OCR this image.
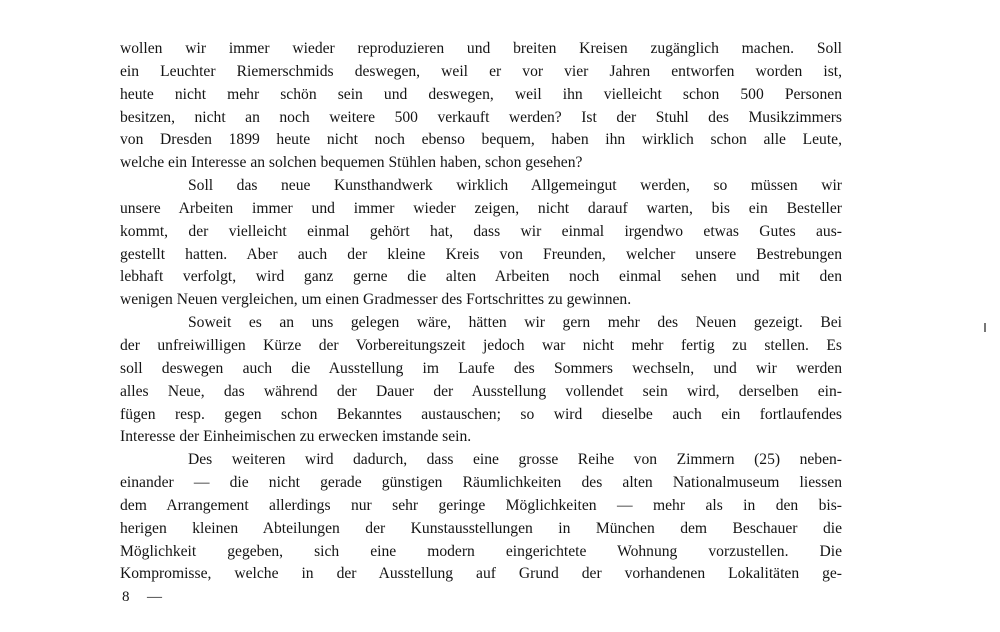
wollen wir immer wieder reproduzieren und breiten Kreisen zugänglich machen. Soll
ein Leuchter Riemerschmids deswegen, weil er vor vier Jahren entworfen worden ist,
heute nicht mehr schön sein und deswegen, weil ihn vielleicht schon 500 Personen
besitzen, nicht an noch weitere 500 verkauft werden? Ist der Stuhl des Musikzimmers
von Dresden 1899 heute nicht noch ebenso bequem, haben ihn wirklich schon alle Leute,
welche ein Interesse an solchen bequemen Stühlen haben, schon gesehen?
Soll das neue Kunsthandwerk wirklich Allgemeingut werden, so müssen wir
unsere Arbeiten immer und immer wieder zeigen, nicht darauf warten, bis ein Besteller
kommt, der vielleicht einmal gehört hat, dass wir einmal irgendwo etwas Gutes aus-
gestellt hatten. Aber auch der kleine Kreis von Freunden, welcher unsere Bestrebungen
lebhaft verfolgt, wird ganz gerne die alten Arbeiten noch einmal sehen und mit den
wenigen Neuen vergleichen, um einen Gradmesser des Fortschrittes zu gewinnen.
Soweit es an uns gelegen wäre, hätten wir gern mehr des Neuen gezeigt. Bei
der unfreiwilligen Kürze der Vorbereitungszeit jedoch war nicht mehr fertig zu stellen. Es
soll deswegen auch die Ausstellung im Laufe des Sommers wechseln, und wir werden
alles Neue, das während der Dauer der Ausstellung vollendet sein wird, derselben ein-
fügen resp. gegen schon Bekanntes austauschen; so wird dieselbe auch ein fortlaufendes
Interesse der Einheimischen zu erwecken imstande sein.
Des weiteren wird dadurch, dass eine grosse Reihe von Zimmern (25) neben-
einander — die nicht gerade günstigen Räumlichkeiten des alten Nationalmuseum liessen
dem Arrangement allerdings nur sehr geringe Möglichkeiten — mehr als in den bis-
herigen kleinen Abteilungen der Kunstausstellungen in München dem Beschauer die
Möglichkeit gegeben, sich eine modern eingerichtete Wohnung vorzustellen. Die
Kompromisse, welche in der Ausstellung auf Grund der vorhandenen Lokalitäten ge-
8 —
